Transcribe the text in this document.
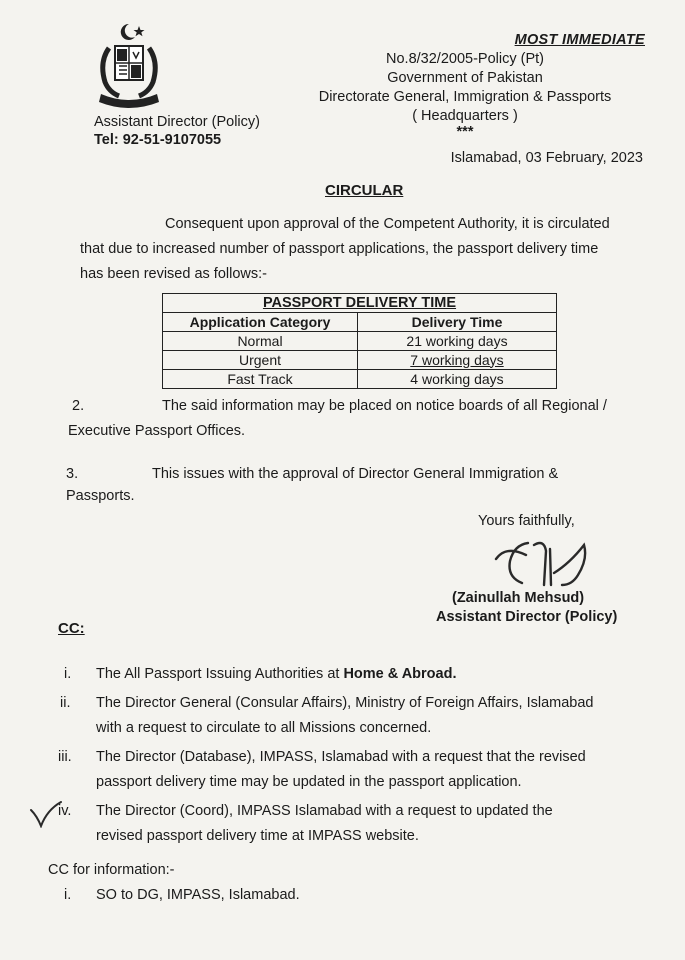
MOST IMMEDIATE
No.8/32/2005-Policy (Pt)
Government of Pakistan
Directorate General, Immigration & Passports
( Headquarters )
***
Assistant Director (Policy)
Tel: 92-51-9107055
Islamabad, 03 February, 2023
CIRCULAR
Consequent upon approval of the Competent Authority, it is circulated
that due to increased number of passport applications, the passport delivery time
has been revised as follows:-
PASSPORT DELIVERY TIME	
Application Category	Delivery Time
Normal	21 working days
Urgent	7 working days
Fast Track	4 working days
2.	The said information may be placed on notice boards of all Regional /
Executive Passport Offices.
3.	This issues with the approval of Director General Immigration &
Passports.
Yours faithfully,
(Zainullah Mehsud)
Assistant Director (Policy)
CC:
i. The All Passport Issuing Authorities at Home & Abroad.
ii. The Director General (Consular Affairs), Ministry of Foreign Affairs, Islamabad
with a request to circulate to all Missions concerned.
iii. The Director (Database), IMPASS, Islamabad with a request that the revised
passport delivery time may be updated in the passport application.
iv. The Director (Coord), IMPASS Islamabad with a request to updated the
revised passport delivery time at IMPASS website.
CC for information:-
i. SO to DG, IMPASS, Islamabad.
